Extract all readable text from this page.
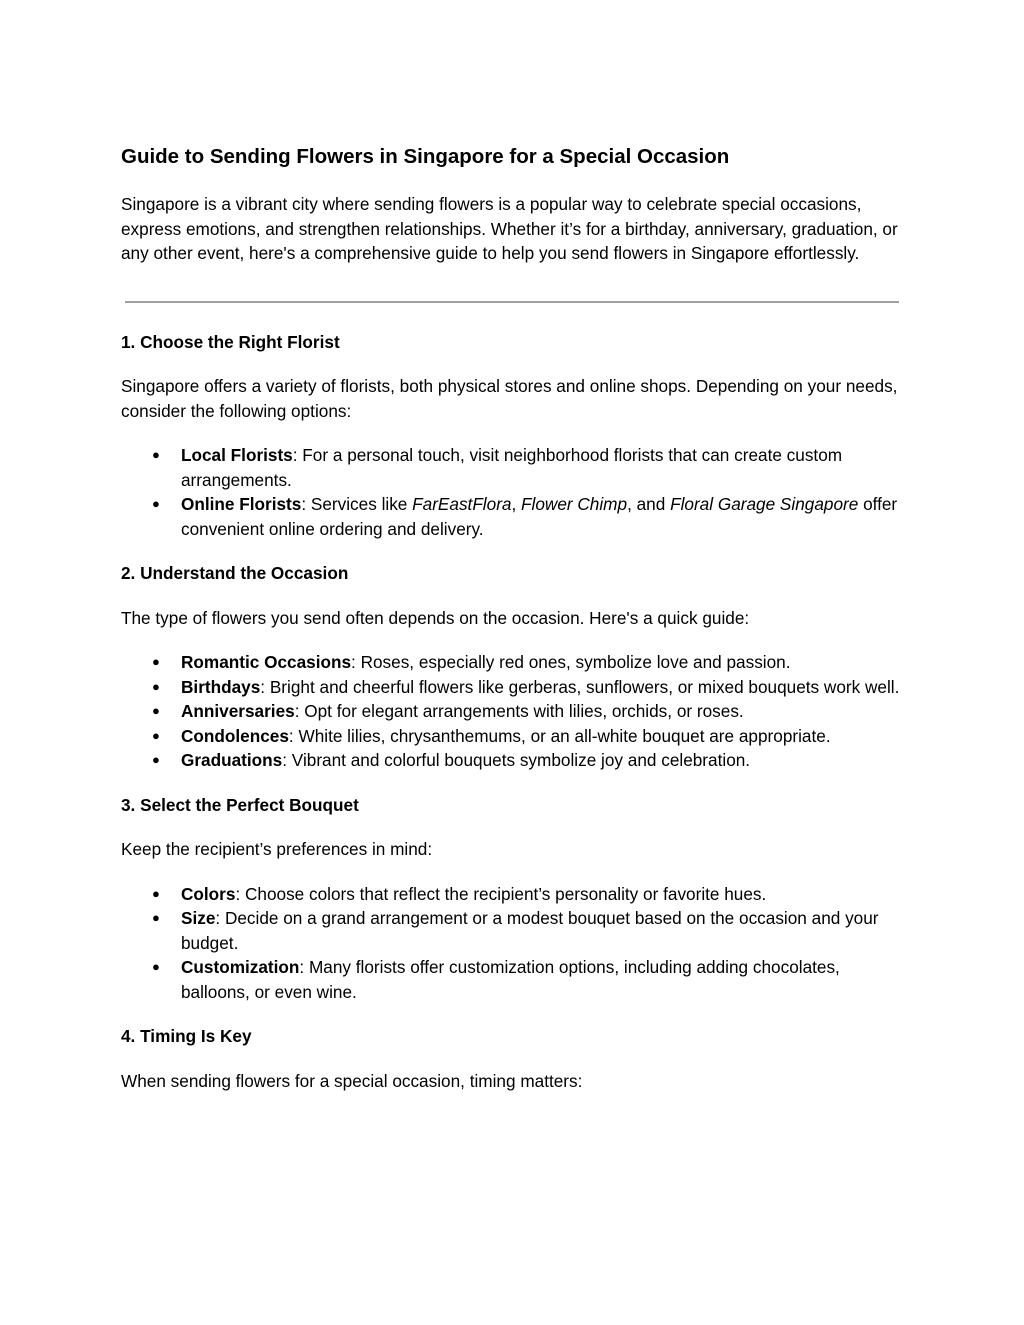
Guide to Sending Flowers in Singapore for a Special Occasion

Singapore is a vibrant city where sending flowers is a popular way to celebrate special occasions, express emotions, and strengthen relationships. Whether it’s for a birthday, anniversary, graduation, or any other event, here's a comprehensive guide to help you send flowers in Singapore effortlessly.

1. Choose the Right Florist

Singapore offers a variety of florists, both physical stores and online shops. Depending on your needs, consider the following options:

● Local Florists: For a personal touch, visit neighborhood florists that can create custom arrangements.
● Online Florists: Services like FarEastFlora, Flower Chimp, and Floral Garage Singapore offer convenient online ordering and delivery.
2. Understand the Occasion

The type of flowers you send often depends on the occasion. Here's a quick guide:

● Romantic Occasions: Roses, especially red ones, symbolize love and passion.
● Birthdays: Bright and cheerful flowers like gerberas, sunflowers, or mixed bouquets work well.
● Anniversaries: Opt for elegant arrangements with lilies, orchids, or roses.
● Condolences: White lilies, chrysanthemums, or an all-white bouquet are appropriate.
● Graduations: Vibrant and colorful bouquets symbolize joy and celebration.
3. Select the Perfect Bouquet

Keep the recipient’s preferences in mind:

● Colors: Choose colors that reflect the recipient’s personality or favorite hues.
● Size: Decide on a grand arrangement or a modest bouquet based on the occasion and your budget.
● Customization: Many florists offer customization options, including adding chocolates, balloons, or even wine.
4. Timing Is Key

When sending flowers for a special occasion, timing matters:
